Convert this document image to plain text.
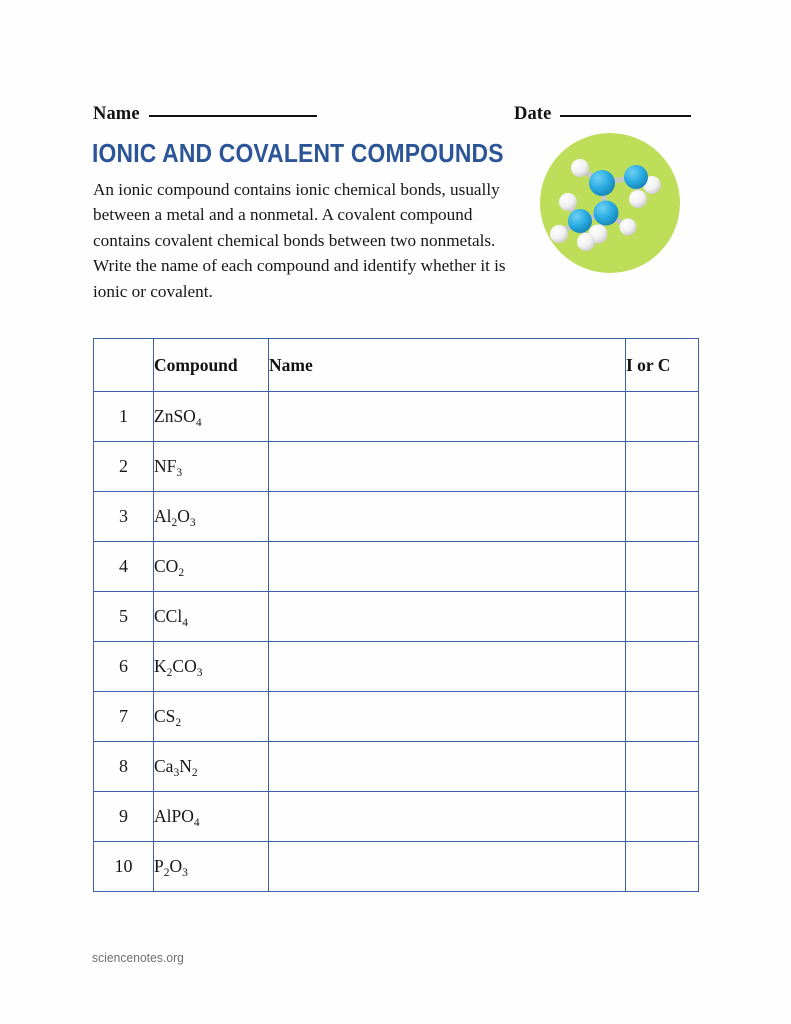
Name	Date
IONIC AND COVALENT COMPOUNDS
An ionic compound contains ionic chemical bonds, usually between a metal and a nonmetal. A covalent compound contains covalent chemical bonds between two nonmetals. Write the name of each compound and identify whether it is ionic or covalent.
	Compound	Name	I or C
1	ZnSO$_4$		
2	$NF_3$		
3	$Al_2O_3$		
4	$CO_2$		
5	CCl$_4$		
6	$K_2CO_3$		
7	$CS_2$		
8	$Ca_3N_2$		
9	AlPO$_4$		
10	$P_2O_3$		
sciencenotes.org
